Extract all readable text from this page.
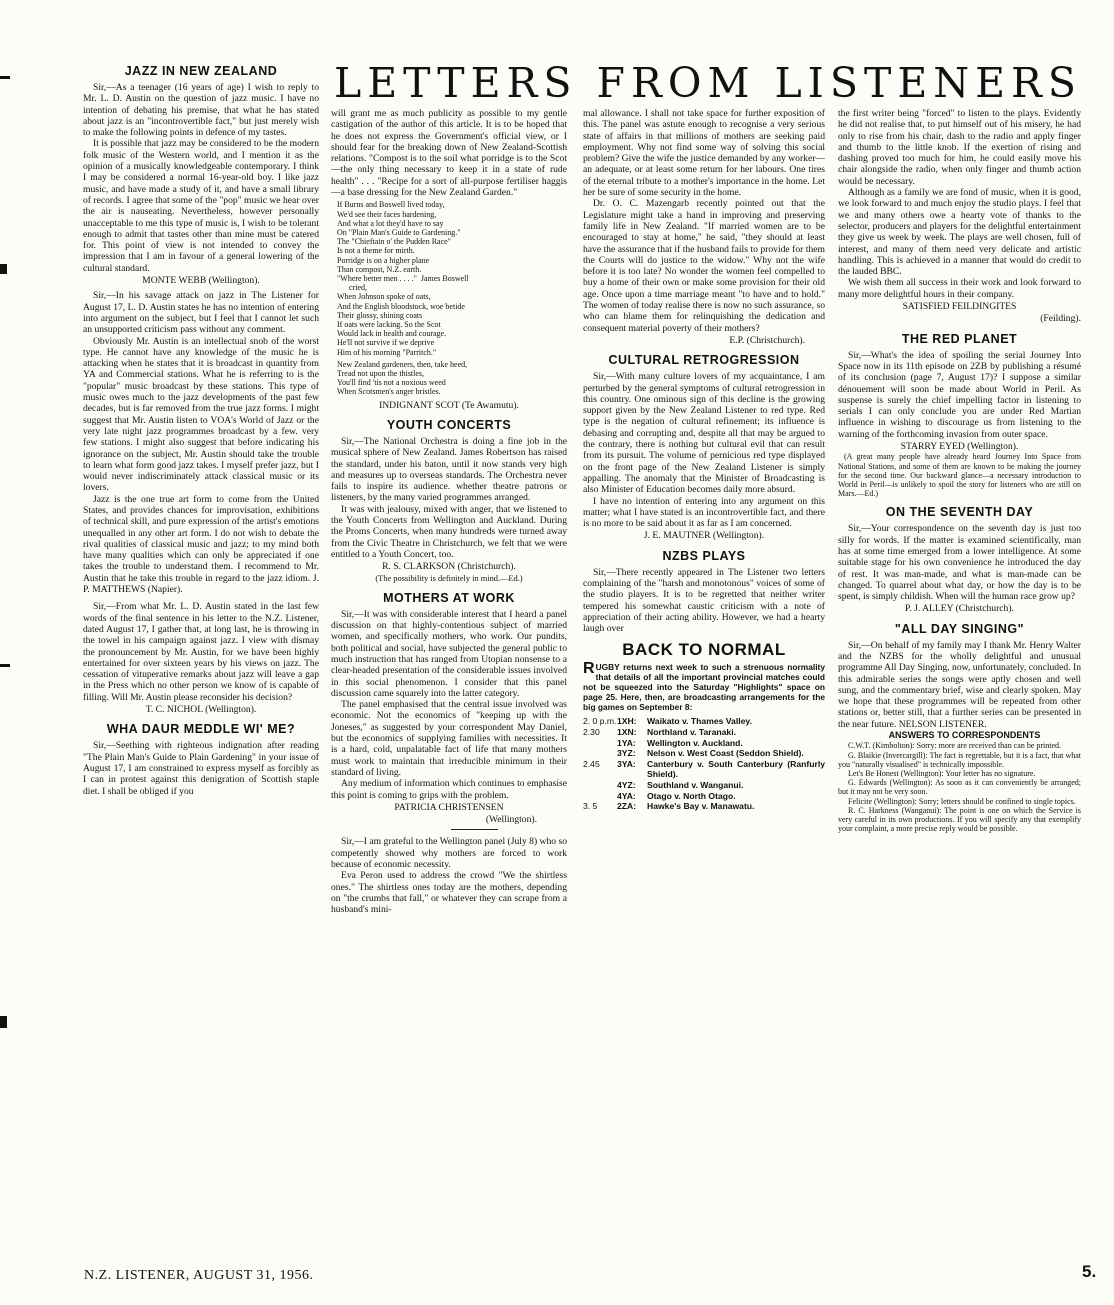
LETTERS FROM LISTENERS
JAZZ IN NEW ZEALAND

Sir,—As a teenager (16 years of age) I wish to reply to Mr. L. D. Austin on the question of jazz music. I have no intention of debating his premise, that what he has stated about jazz is an "incontrovertible fact," but just merely wish to make the following points in defence of my tastes.

It is possible that jazz may be considered to be the modern folk music of the Western world, and I mention it as the opinion of a musically knowledgeable contemporary. I think I may be considered a normal 16-year-old boy. I like jazz music, and have made a study of it, and have a small library of records. I agree that some of the "pop" music we hear over the air is nauseating. Nevertheless, however personally unacceptable to me this type of music is, I wish to be tolerant enough to admit that tastes other than mine must be catered for. This point of view is not intended to convey the impression that I am in favour of a general lowering of the cultural standard.

MONTE WEBB (Wellington).

Sir,—In his savage attack on jazz in The Listener for August 17, L. D. Austin states he has no intention of entering into argument on the subject, but I feel that I cannot let such an unsupported criticism pass without any comment.

Obviously Mr. Austin is an intellectual snob of the worst type. He cannot have any knowledge of the music he is attacking when he states that it is broadcast in quantity from YA and Commercial stations. What he is referring to is the "popular" music broadcast by these stations. This type of music owes much to the jazz developments of the past few decades, but is far removed from the true jazz forms. I might suggest that Mr. Austin listen to VOA's World of Jazz or the very late night jazz programmes broadcast by a few. very few stations. I might also suggest that before indicating his ignorance on the subject, Mr. Austin should take the trouble to learn what form good jazz takes. I myself prefer jazz, but I would never indiscriminately attack classical music or its lovers.

Jazz is the one true art form to come from the United States, and provides chances for improvisation, exhibitions of technical skill, and pure expression of the artist's emotions unequalled in any other art form. I do not wish to debate the rival qualities of classical music and jazz; to my mind both have many qualities which can only be appreciated if one takes the trouble to understand them. I recommend to Mr. Austin that he take this trouble in regard to the jazz idiom. J. P. MATTHEWS (Napier).

Sir,—From what Mr. L. D. Austin stated in the last few words of the final sentence in his letter to the N.Z. Listener, dated August 17, I gather that, at long last, he is throwing in the towel in his campaign against jazz. I view with dismay the pronouncement by Mr. Austin, for we have been highly entertained for over sixteen years by his views on jazz. The cessation of vituperative remarks about jazz will leave a gap in the Press which no other person we know of is capable of filling. Will Mr. Austin please reconsider his decision?

T. C. NICHOL (Wellington).

WHA DAUR MEDDLE WI' ME?

Sir,—Seething with righteous indignation after reading "The Plain Man's Guide to Plain Gardening" in your issue of August 17, I am constrained to express myself as forcibly as I can in protest against this denigration of Scottish staple diet. I shall be obliged if you

will grant me as much publicity as possible to my gentle castigation of the author of this article. It is to be hoped that he does not express the Government's official view, or I should fear for the breaking down of New Zealand-Scottish relations. "Compost is to the soil what porridge is to the Scot—the only thing necessary to keep it in a state of rude health" . . . "Recipe for a sort of all-purpose fertiliser haggis—a base dressing for the New Zealand Garden."

If Burns and Boswell lived today,
We'd see their faces hardening,
And what a lot they'd have to say
On "Plain Man's Guide to Gardening."
The "Chieftain o' the Pudden Race"
Is not a theme for mirth.
Porridge is on a higher plane
Than compost, N.Z. earth.
"Where better men . . . ."  James Boswell
cried,
When Johnson spoke of oats,
And the English bloodstock, woe betide
Their glossy, shining coats
If oats were lacking. So the Scot
Would lack in health and courage.
He'll not survive if we deprive
Him of his morning "Parritch."
New Zealand gardeners, then, take heed,
Tread not upon the thistles,
You'll find 'tis not a noxious weed
When Scotsmen's anger bristles.

INDIGNANT SCOT (Te Awamutu).

YOUTH CONCERTS

Sir,—The National Orchestra is doing a fine job in the musical sphere of New Zealand. James Robertson has raised the standard, under his baton, until it now stands very high and measures up to overseas standards. The Orchestra never fails to inspire its audience. whether theatre patrons or listeners, by the many varied programmes arranged.

It was with jealousy, mixed with anger, that we listened to the Youth Concerts from Wellington and Auckland. During the Proms Concerts, when many hundreds were turned away from the Civic Theatre in Christchurch, we felt that we were entitled to a Youth Concert, too.

R. S. CLARKSON (Christchurch).

(The possibility is definitely in mind.—Ed.)

MOTHERS AT WORK

Sir,—It was with considerable interest that I heard a panel discussion on that highly-contentious subject of married women, and specifically mothers, who work. Our pundits, both political and social, have subjected the general public to much instruction that has ranged from Utopian nonsense to a clear-headed presentation of the considerable issues involved in this social phenomenon. I consider that this panel discussion came squarely into the latter category.

The panel emphasised that the central issue involved was economic. Not the economics of "keeping up with the Joneses," as suggested by your correspondent May Daniel, but the economics of supplying families with necessities. It is a hard, cold, unpalatable fact of life that many mothers must work to maintain that irreducible minimum in their standard of living.

Any medium of information which continues to emphasise this point is coming to grips with the problem.

PATRICIA CHRISTENSEN

(Wellington).

Sir,—I am grateful to the Wellington panel (July 8) who so competently showed why mothers are forced to work because of economic necessity.

Eva Peron used to address the crowd "We the shirtless ones." The shirtless ones today are the mothers, depending on "the crumbs that fall," or whatever they can scrape from a husband's mini-

mal allowance. I shall not take space for further exposition of this. The panel was astute enough to recognise a very serious state of affairs in that millions of mothers are seeking paid employment. Why not find some way of solving this social problem? Give the wife the justice demanded by any worker—an adequate, or at least some return for her labours. One tires of the eternal tribute to a mother's importance in the home. Let her be sure of some security in the home.

Dr. O. C. Mazengarb recently pointed out that the Legislature might take a hand in improving and preserving family life in New Zealand. "If married women are to be encouraged to stay at home," he said, "they should at least have the assurance that if the husband fails to provide for them the Courts will do justice to the widow." Why not the wife before it is too late? No wonder the women feel compelled to buy a home of their own or make some provision for their old age. Once upon a time marriage meant "to have and to hold." The women of today realise there is now no such assurance, so who can blame them for relinquishing the dedication and consequent material poverty of their mothers?

E.P. (Christchurch).

CULTURAL RETROGRESSION

Sir,—With many culture lovers of my acquaintance, I am perturbed by the general symptoms of cultural retrogression in this country. One ominous sign of this decline is the growing support given by the New Zealand Listener to red type. Red type is the negation of cultural refinement; its influence is debasing and corrupting and, despite all that may be argued to the contrary, there is nothing but cultural evil that can result from its pursuit. The volume of pernicious red type displayed on the front page of the New Zealand Listener is simply appalling. The anomaly that the Minister of Broadcasting is also Minister of Education becomes daily more absurd.

I have no intention of entering into any argument on this matter; what I have stated is an incontrovertible fact, and there is no more to be said about it as far as I am concerned.

J. E. MAUTNER (Wellington).

NZBS PLAYS

Sir,—There recently appeared in The Listener two letters complaining of the "harsh and monotonous" voices of some of the studio players. It is to be regretted that neither writer tempered his somewhat caustic criticism with a note of appreciation of their acting ability. However, we had a hearty laugh over

BACK TO NORMAL
RUGBY returns next week to such a strenuous normality that details of all the important provincial matches could not be squeezed into the Saturday "Highlights" space on page 25. Here, then, are broadcasting arrangements for the big games on September 8:
2. 0 p.m.	1XH:	Waikato v. Thames Valley.
2.30	1XN:	Northland v. Taranaki.
	1YA:	Wellington v. Auckland.
	3YZ:	Nelson v. West Coast (Seddon Shield).
2.45	3YA:	Canterbury v. South Canterbury (Ranfurly Shield).
	4YZ:	Southland v. Wanganui.
	4YA:	Otago v. North Otago.
3. 5	2ZA:	Hawke's Bay v. Manawatu.

the first writer being "forced" to listen to the plays. Evidently he did not realise that, to put himself out of his misery, he had only to rise from his chair, dash to the radio and apply finger and thumb to the little knob. If the exertion of rising and dashing proved too much for him, he could easily move his chair alongside the radio, when only finger and thumb action would be necessary.

Although as a family we are fond of music, when it is good, we look forward to and much enjoy the studio plays. I feel that we and many others owe a hearty vote of thanks to the selector, producers and players for the delightful entertainment they give us week by week. The plays are well chosen, full of interest, and many of them need very delicate and artistic handling. This is achieved in a manner that would do credit to the lauded BBC.

We wish them all success in their work and look forward to many more delightful hours in their company.

SATISFIED FEILDINGITES

(Feilding).

THE RED PLANET

Sir,—What's the idea of spoiling the serial Journey Into Space now in its 11th episode on 2ZB by publishing a résumé of its conclusion (page 7, August 17)? I suppose a similar dénouement will soon be made about World in Peril. As suspense is surely the chief impelling factor in listening to serials I can only conclude you are under Red Martian influence in wishing to discourage us from listening to the warning of the forthcoming invasion from outer space.

STARRY EYED (Wellington).

(A great many people have already heard Journey Into Space from National Stations, and some of them are known to be making the journey for the second time. Our backward glance—a necessary introduction to World in Peril—is unlikely to spoil the story for listeners who are still on Mars.—Ed.)

ON THE SEVENTH DAY

Sir,—Your correspondence on the seventh day is just too silly for words. If the matter is examined scientifically, man has at some time emerged from a lower intelligence. At some suitable stage for his own convenience he introduced the day of rest. It was man-made, and what is man-made can be changed. To quarrel about what day, or how the day is to be spent, is simply childish. When will the human race grow up?

P. J. ALLEY (Christchurch).

"ALL DAY SINGING"

Sir,—On behalf of my family may I thank Mr. Henry Walter and the NZBS for the wholly delightful and unusual programme All Day Singing, now, unfortunately, concluded. In this admirable series the songs were aptly chosen and well sung, and the commentary brief, wise and clearly spoken. May we hope that these programmes will be repeated from other stations or, better still, that a further series can be presented in the near future. NELSON LISTENER.

ANSWERS TO CORRESPONDENTS

C.W.T. (Kimbolton): Sorry: more are received than can be printed.

G. Blaikie (Invercargill): The fact is regrettable, but it is a fact, that what you "naturally visualised" is technically impossible.

Let's Be Honest (Wellington): Your letter has no signature.

G. Edwards (Wellington): As soon as it can conveniently be arranged; but it may not be very soon.

Felicite (Wellington): Sorry; letters should be confined to single topics.

R. C. Harkness (Wanganui): The point is one on which the Service is very careful in its own productions. If you will specify any that exemplify your complaint, a more precise reply would be possible.

N.Z. LISTENER, AUGUST 31, 1956.	5.
